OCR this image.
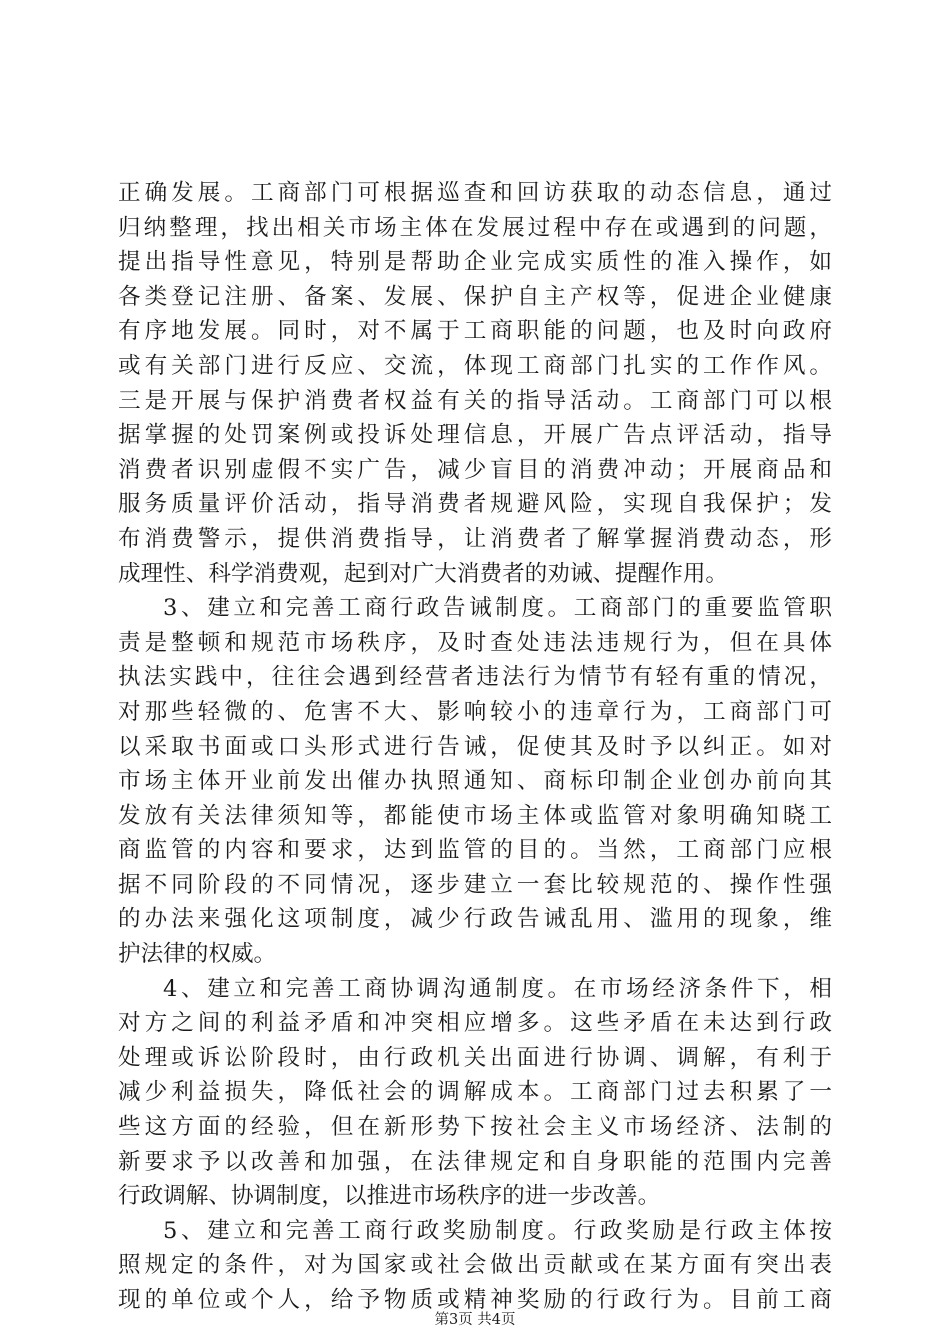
正确发展。工商部门可根据巡查和回访获取的动态信息，通过
归纳整理，找出相关市场主体在发展过程中存在或遇到的问题，
提出指导性意见，特别是帮助企业完成实质性的准入操作，如
各类登记注册、备案、发展、保护自主产权等，促进企业健康
有序地发展。同时，对不属于工商职能的问题，也及时向政府
或有关部门进行反应、交流，体现工商部门扎实的工作作风。
三是开展与保护消费者权益有关的指导活动。工商部门可以根
据掌握的处罚案例或投诉处理信息，开展广告点评活动，指导
消费者识别虚假不实广告，减少盲目的消费冲动；开展商品和
服务质量评价活动，指导消费者规避风险，实现自我保护；发
布消费警示，提供消费指导，让消费者了解掌握消费动态，形
成理性、科学消费观，起到对广大消费者的劝诫、提醒作用。
3、建立和完善工商行政告诫制度。工商部门的重要监管职
责是整顿和规范市场秩序，及时查处违法违规行为，但在具体
执法实践中，往往会遇到经营者违法行为情节有轻有重的情况，
对那些轻微的、危害不大、影响较小的违章行为，工商部门可
以采取书面或口头形式进行告诫，促使其及时予以纠正。如对
市场主体开业前发出催办执照通知、商标印制企业创办前向其
发放有关法律须知等，都能使市场主体或监管对象明确知晓工
商监管的内容和要求，达到监管的目的。当然，工商部门应根
据不同阶段的不同情况，逐步建立一套比较规范的、操作性强
的办法来强化这项制度，减少行政告诫乱用、滥用的现象，维
护法律的权威。
4、建立和完善工商协调沟通制度。在市场经济条件下，相
对方之间的利益矛盾和冲突相应增多。这些矛盾在未达到行政
处理或诉讼阶段时，由行政机关出面进行协调、调解，有利于
减少利益损失，降低社会的调解成本。工商部门过去积累了一
些这方面的经验，但在新形势下按社会主义市场经济、法制的
新要求予以改善和加强，在法律规定和自身职能的范围内完善
行政调解、协调制度，以推进市场秩序的进一步改善。
5、建立和完善工商行政奖励制度。行政奖励是行政主体按
照规定的条件，对为国家或社会做出贡献或在某方面有突出表
现的单位或个人，给予物质或精神奖励的行政行为。目前工商
第3页 共4页
